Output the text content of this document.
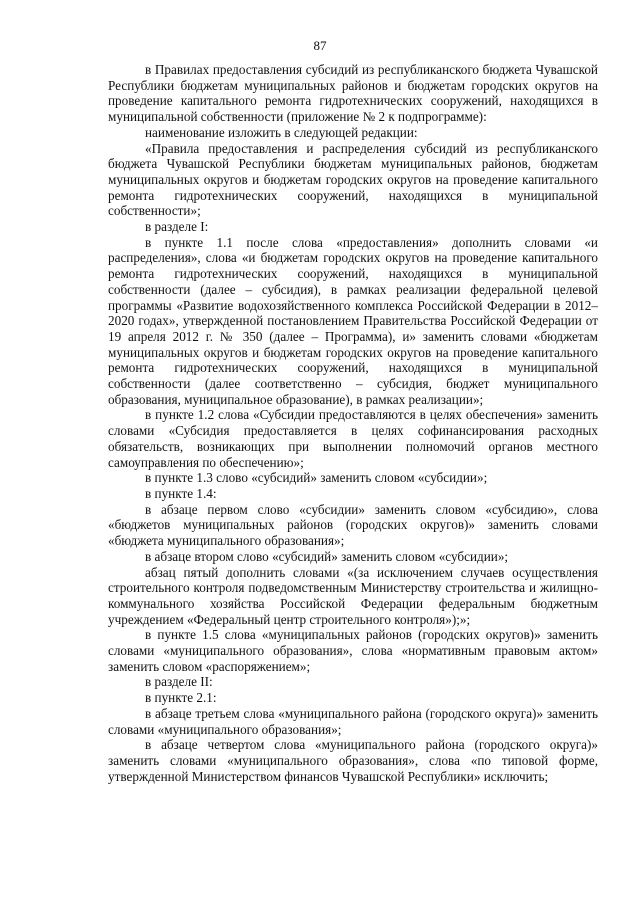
87

в Правилах предоставления субсидий из республиканского бюджета Чувашской Республики бюджетам муниципальных районов и бюджетам городских округов на проведение капитального ремонта гидротехнических сооружений, находящихся в муниципальной собственности (приложение № 2 к подпрограмме):

наименование изложить в следующей редакции:

«Правила предоставления и распределения субсидий из республиканского бюджета Чувашской Республики бюджетам муниципальных районов, бюджетам муниципальных округов и бюджетам городских округов на проведение капитального ремонта гидротехнических сооружений, находящихся в муниципальной собственности»;

в разделе I:

в пункте 1.1 после слова «предоставления» дополнить словами «и распределения», слова «и бюджетам городских округов на проведение капитального ремонта гидротехнических сооружений, находящихся в муниципальной собственности (далее – субсидия), в рамках реализации федеральной целевой программы «Развитие водохозяйственного комплекса Российской Федерации в 2012–2020 годах», утвержденной постановлением Правительства Российской Федерации от 19 апреля 2012 г. № 350 (далее – Программа), и» заменить словами «бюджетам муниципальных округов и бюджетам городских округов на проведение капитального ремонта гидротехнических сооружений, находящихся в муниципальной собственности (далее соответственно – субсидия, бюджет муниципального образования, муниципальное образование), в рамках реализации»;

в пункте 1.2 слова «Субсидии предоставляются в целях обеспечения» заменить словами «Субсидия предоставляется в целях софинансирования расходных обязательств, возникающих при выполнении полномочий органов местного самоуправления по обеспечению»;

в пункте 1.3 слово «субсидий» заменить словом «субсидии»;

в пункте 1.4:

в абзаце первом слово «субсидии» заменить словом «субсидию», слова «бюджетов муниципальных районов (городских округов)» заменить словами «бюджета муниципального образования»;

в абзаце втором слово «субсидий» заменить словом «субсидии»;

абзац пятый дополнить словами «(за исключением случаев осуществления строительного контроля подведомственным Министерству строительства и жилищно-коммунального хозяйства Российской Федерации федеральным бюджетным учреждением «Федеральный центр строительного контроля»);»;

в пункте 1.5 слова «муниципальных районов (городских округов)» заменить словами «муниципального образования», слова «нормативным правовым актом» заменить словом «распоряжением»;

в разделе II:

в пункте 2.1:

в абзаце третьем слова «муниципального района (городского округа)» заменить словами «муниципального образования»;

в абзаце четвертом слова «муниципального района (городского округа)» заменить словами «муниципального образования», слова «по типовой форме, утвержденной Министерством финансов Чувашской Республики» исключить;
